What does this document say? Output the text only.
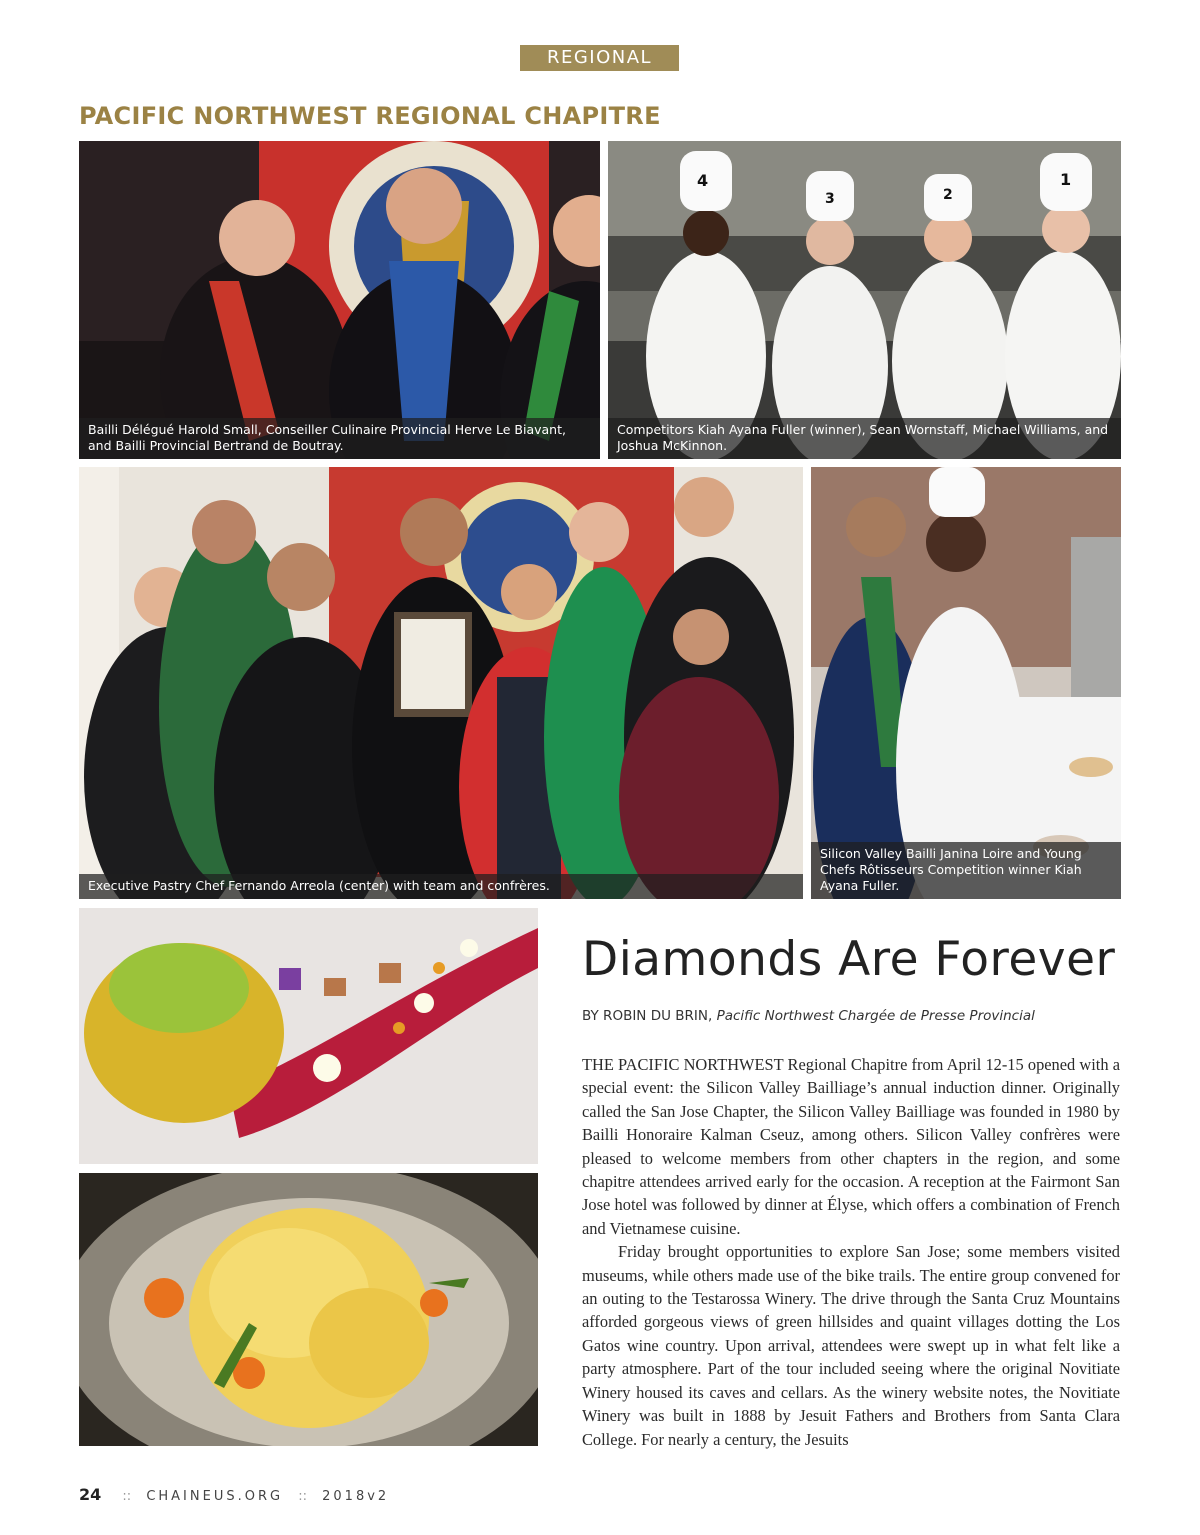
REGIONAL
PACIFIC NORTHWEST REGIONAL CHAPITRE
Bailli Délégué Harold Small, Conseiller Culinaire Provincial Herve Le Biavant, and Bailli Provincial Bertrand de Boutray.
4
3	2
1
Competitors Kiah Ayana Fuller (winner), Sean Wornstaff, Michael Williams, and Joshua McKinnon.
Executive Pastry Chef Fernando Arreola (center) with team and confrères.
Silicon Valley Bailli Janina Loire and Young Chefs Rôtisseurs Competition winner Kiah Ayana Fuller.
Diamonds Are Forever
BY ROBIN DU BRIN, Pacific Northwest Chargée de Presse Provincial

THE PACIFIC NORTHWEST Regional Chapitre from April 12-15 opened with a special event: the Silicon Valley Bailliage’s annual induction dinner. Originally called the San Jose Chapter, the Silicon Valley Bailliage was founded in 1980 by Bailli Honoraire Kalman Cseuz, among others. Silicon Valley confrères were pleased to welcome members from other chapters in the region, and some chapitre attendees arrived early for the occasion. A reception at the Fairmont San Jose hotel was followed by dinner at Élyse, which offers a combination of French and Vietnamese cuisine.

Friday brought opportunities to explore San Jose; some members visited museums, while others made use of the bike trails. The entire group convened for an outing to the Testarossa Winery. The drive through the Santa Cruz Mountains afforded gorgeous views of green hillsides and quaint villages dotting the Los Gatos wine country. Upon arrival, attendees were swept up in what felt like a party atmosphere. Part of the tour included seeing where the original Novitiate Winery housed its caves and cellars. As the winery website notes, the Novitiate Winery was built in 1888 by Jesuit Fathers and Brothers from Santa Clara College. For nearly a century, the Jesuits

24 :: CHAINEUS.ORG :: 2018v2
